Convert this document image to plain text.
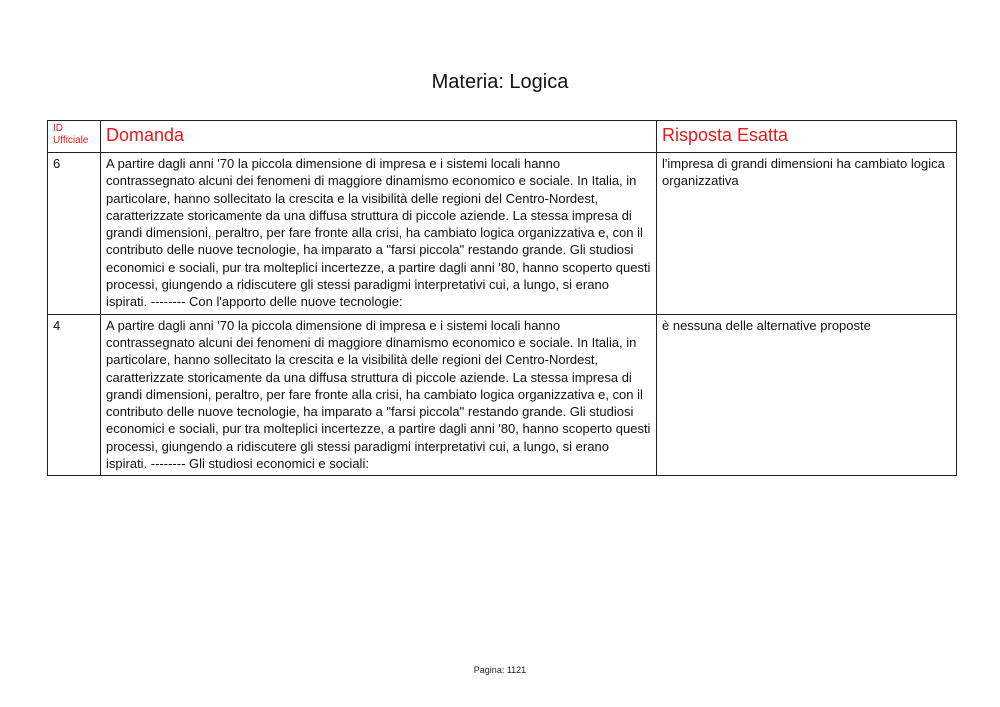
Materia: Logica
ID Ufficiale	Domanda	Risposta Esatta
6	A partire dagli anni '70 la piccola dimensione di impresa e i sistemi locali hanno contrassegnato alcuni dei fenomeni di maggiore dinamismo economico e sociale. In Italia, in particolare, hanno sollecitato la crescita e la visibilità delle regioni del Centro-Nordest, caratterizzate storicamente da una diffusa struttura di piccole aziende. La stessa impresa di grandi dimensioni, peraltro, per fare fronte alla crisi, ha cambiato logica organizzativa e, con il contributo delle nuove tecnologie, ha imparato a "farsi piccola" restando grande. Gli studiosi economici e sociali, pur tra molteplici incertezze, a partire dagli anni '80, hanno scoperto questi processi, giungendo a ridiscutere gli stessi paradigmi interpretativi cui, a lungo, si erano ispirati. -------- Con l'apporto delle nuove tecnologie:	l'impresa di grandi dimensioni ha cambiato logica organizzativa
4	A partire dagli anni '70 la piccola dimensione di impresa e i sistemi locali hanno contrassegnato alcuni dei fenomeni di maggiore dinamismo economico e sociale. In Italia, in particolare, hanno sollecitato la crescita e la visibilità delle regioni del Centro-Nordest, caratterizzate storicamente da una diffusa struttura di piccole aziende. La stessa impresa di grandi dimensioni, peraltro, per fare fronte alla crisi, ha cambiato logica organizzativa e, con il contributo delle nuove tecnologie, ha imparato a "farsi piccola" restando grande. Gli studiosi economici e sociali, pur tra molteplici incertezze, a partire dagli anni '80, hanno scoperto questi processi, giungendo a ridiscutere gli stessi paradigmi interpretativi cui, a lungo, si erano ispirati. -------- Gli studiosi economici e sociali:	è nessuna delle alternative proposte
Pagina: 1121
